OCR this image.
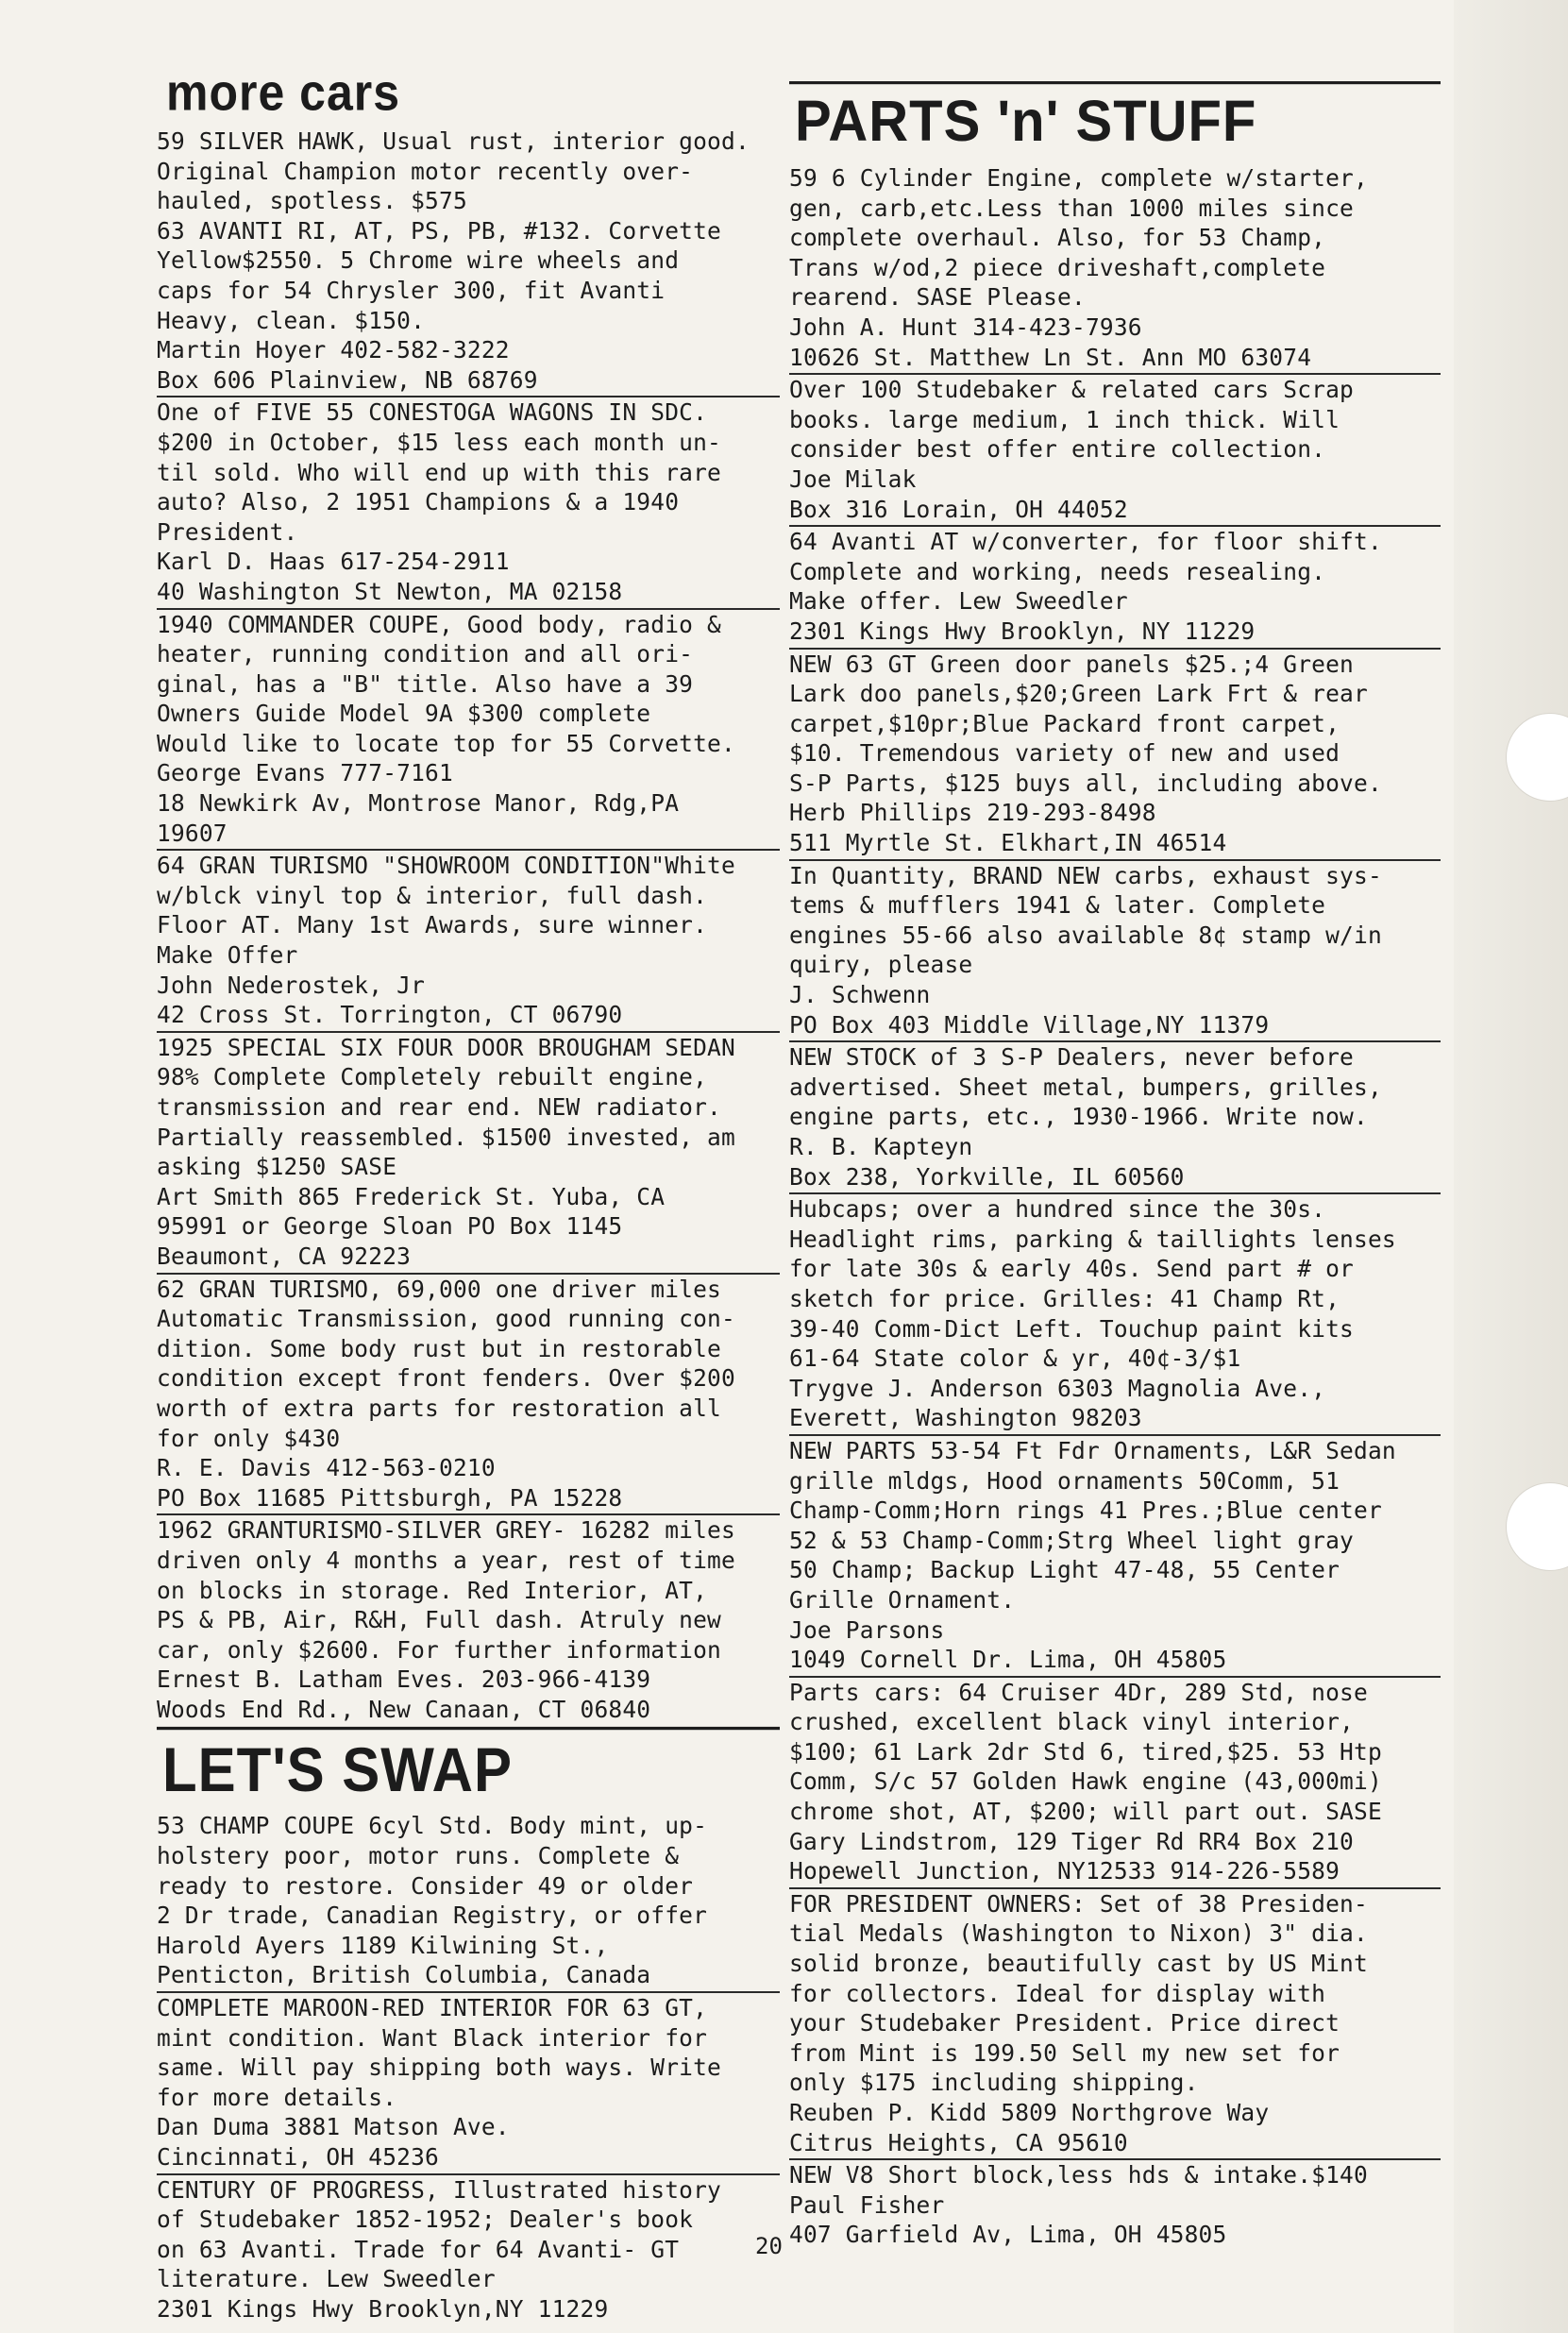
more cars
59 SILVER HAWK, Usual rust, interior good.
Original Champion motor recently over-
hauled, spotless. $575
63 AVANTI RI, AT, PS, PB, #132. Corvette
Yellow$2550. 5 Chrome wire wheels and
caps for 54 Chrysler 300, fit Avanti
Heavy, clean. $150.
Martin Hoyer 402-582-3222
Box 606 Plainview, NB 68769
One of FIVE 55 CONESTOGA WAGONS IN SDC.
$200 in October, $15 less each month un-
til sold. Who will end up with this rare
auto? Also, 2 1951 Champions & a 1940
President.
Karl D. Haas 617-254-2911
40 Washington St Newton, MA 02158
1940 COMMANDER COUPE, Good body, radio &
heater, running condition and all ori-
ginal, has a "B" title. Also have a 39
Owners Guide Model 9A $300 complete
Would like to locate top for 55 Corvette.
George Evans 777-7161
18 Newkirk Av, Montrose Manor, Rdg,PA
19607
64 GRAN TURISMO "SHOWROOM CONDITION"White
w/blck vinyl top & interior, full dash.
Floor AT. Many 1st Awards, sure winner.
Make Offer
John Nederostek, Jr
42 Cross St. Torrington, CT 06790
1925 SPECIAL SIX FOUR DOOR BROUGHAM SEDAN
98% Complete Completely rebuilt engine,
transmission and rear end. NEW radiator.
Partially reassembled. $1500 invested, am
asking $1250 SASE
Art Smith 865 Frederick St. Yuba, CA
95991 or George Sloan PO Box 1145
Beaumont, CA 92223
62 GRAN TURISMO, 69,000 one driver miles
Automatic Transmission, good running con-
dition. Some body rust but in restorable
condition except front fenders. Over $200
worth of extra parts for restoration all
for only $430
R. E. Davis 412-563-0210
PO Box 11685 Pittsburgh, PA 15228
1962 GRANTURISMO-SILVER GREY- 16282 miles
driven only 4 months a year, rest of time
on blocks in storage. Red Interior, AT,
PS & PB, Air, R&H, Full dash. Atruly new
car, only $2600. For further information
Ernest B. Latham Eves. 203-966-4139
Woods End Rd., New Canaan, CT 06840
LET'S SWAP
53 CHAMP COUPE 6cyl Std. Body mint, up-
holstery poor, motor runs. Complete &
ready to restore. Consider 49 or older
2 Dr trade, Canadian Registry, or offer
Harold Ayers 1189 Kilwining St.,
Penticton, British Columbia, Canada
COMPLETE MAROON-RED INTERIOR FOR 63 GT,
mint condition. Want Black interior for
same. Will pay shipping both ways. Write
for more details.
Dan Duma 3881 Matson Ave.
Cincinnati, OH 45236
CENTURY OF PROGRESS, Illustrated history
of Studebaker 1852-1952; Dealer's book
on 63 Avanti. Trade for 64 Avanti- GT
literature. Lew Sweedler
2301 Kings Hwy Brooklyn,NY 11229
PARTS 'n' STUFF
59 6 Cylinder Engine, complete w/starter,
gen, carb,etc.Less than 1000 miles since
complete overhaul. Also, for 53 Champ,
Trans w/od,2 piece driveshaft,complete
rearend. SASE Please.
John A. Hunt 314-423-7936
10626 St. Matthew Ln St. Ann MO 63074
Over 100 Studebaker & related cars Scrap
books. large medium, 1 inch thick. Will
consider best offer entire collection.
Joe Milak
Box 316 Lorain, OH 44052
64 Avanti AT w/converter, for floor shift.
Complete and working, needs resealing.
Make offer. Lew Sweedler
2301 Kings Hwy Brooklyn, NY 11229
NEW 63 GT Green door panels $25.;4 Green
Lark doo panels,$20;Green Lark Frt & rear
carpet,$10pr;Blue Packard front carpet,
$10. Tremendous variety of new and used
S-P Parts, $125 buys all, including above.
Herb Phillips 219-293-8498
511 Myrtle St. Elkhart,IN 46514
In Quantity, BRAND NEW carbs, exhaust sys-
tems & mufflers 1941 & later. Complete
engines 55-66 also available 8¢ stamp w/in
quiry, please
J. Schwenn
PO Box 403 Middle Village,NY 11379
NEW STOCK of 3 S-P Dealers, never before
advertised. Sheet metal, bumpers, grilles,
engine parts, etc., 1930-1966. Write now.
R. B. Kapteyn
Box 238, Yorkville, IL 60560
Hubcaps; over a hundred since the 30s.
Headlight rims, parking & taillights lenses
for late 30s & early 40s. Send part # or
sketch for price. Grilles: 41 Champ Rt,
39-40 Comm-Dict Left. Touchup paint kits
61-64 State color & yr, 40¢-3/$1
Trygve J. Anderson 6303 Magnolia Ave.,
Everett, Washington 98203
NEW PARTS 53-54 Ft Fdr Ornaments, L&R Sedan
grille mldgs, Hood ornaments 50Comm, 51
Champ-Comm;Horn rings 41 Pres.;Blue center
52 & 53 Champ-Comm;Strg Wheel light gray
50 Champ; Backup Light 47-48, 55 Center
Grille Ornament.
Joe Parsons
1049 Cornell Dr. Lima, OH 45805
Parts cars: 64 Cruiser 4Dr, 289 Std, nose
crushed, excellent black vinyl interior,
$100; 61 Lark 2dr Std 6, tired,$25. 53 Htp
Comm, S/c 57 Golden Hawk engine (43,000mi)
chrome shot, AT, $200; will part out. SASE
Gary Lindstrom, 129 Tiger Rd RR4 Box 210
Hopewell Junction, NY12533 914-226-5589
FOR PRESIDENT OWNERS: Set of 38 Presiden-
tial Medals (Washington to Nixon) 3" dia.
solid bronze, beautifully cast by US Mint
for collectors. Ideal for display with
your Studebaker President. Price direct
from Mint is 199.50 Sell my new set for
only $175 including shipping.
Reuben P. Kidd 5809 Northgrove Way
Citrus Heights, CA 95610
NEW V8 Short block,less hds & intake.$140
Paul Fisher
407 Garfield Av, Lima, OH 45805
20
